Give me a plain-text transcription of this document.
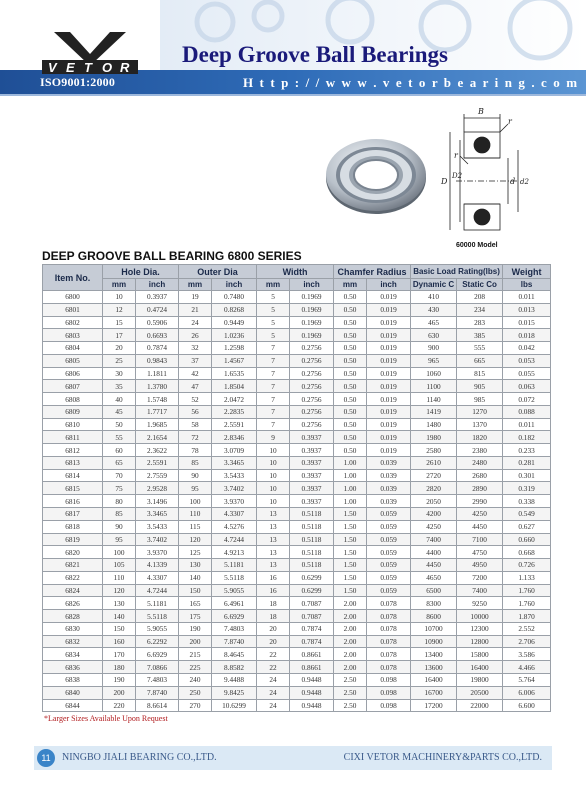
V E T O R
ISO9001:2000
Deep Groove Ball Bearings
H t t p : / / w w w . v e t o r b e a r i n g . c o m
B
r
r
D
D2
d d2
60000 Model
DEEP GROOVE BALL BEARING 6800 SERIES
Item No.	Hole Dia.		Outer Dia		Width		Chamfer Radius		Basic Load Rating(lbs)		Weight
	mm	inch	mm	inch	mm	inch	mm	inch	Dynamic C	Static Co	lbs
6800	10	0.3937	19	0.7480	5	0.1969	0.50	0.019	410	208	0.011
6801	12	0.4724	21	0.8268	5	0.1969	0.50	0.019	430	234	0.013
6802	15	0.5906	24	0.9449	5	0.1969	0.50	0.019	465	283	0.015
6803	17	0.6693	26	1.0236	5	0.1969	0.50	0.019	630	385	0.018
6804	20	0.7874	32	1.2598	7	0.2756	0.50	0.019	900	555	0.042
6805	25	0.9843	37	1.4567	7	0.2756	0.50	0.019	965	665	0.053
6806	30	1.1811	42	1.6535	7	0.2756	0.50	0.019	1060	815	0.055
6807	35	1.3780	47	1.8504	7	0.2756	0.50	0.019	1100	905	0.063
6808	40	1.5748	52	2.0472	7	0.2756	0.50	0.019	1140	985	0.072
6809	45	1.7717	56	2.2835	7	0.2756	0.50	0.019	1419	1270	0.088
6810	50	1.9685	58	2.5591	7	0.2756	0.50	0.019	1480	1370	0.011
6811	55	2.1654	72	2.8346	9	0.3937	0.50	0.019	1980	1820	0.182
6812	60	2.3622	78	3.0709	10	0.3937	0.50	0.019	2580	2380	0.233
6813	65	2.5591	85	3.3465	10	0.3937	1.00	0.039	2610	2480	0.281
6814	70	2.7559	90	3.5433	10	0.3937	1.00	0.039	2720	2680	0.301
6815	75	2.9528	95	3.7402	10	0.3937	1.00	0.039	2820	2890	0.319
6816	80	3.1496	100	3.9370	10	0.3937	1.00	0.039	2050	2990	0.338
6817	85	3.3465	110	4.3307	13	0.5118	1.50	0.059	4200	4250	0.549
6818	90	3.5433	115	4.5276	13	0.5118	1.50	0.059	4250	4450	0.627
6819	95	3.7402	120	4.7244	13	0.5118	1.50	0.059	7400	7100	0.660
6820	100	3.9370	125	4.9213	13	0.5118	1.50	0.059	4400	4750	0.668
6821	105	4.1339	130	5.1181	13	0.5118	1.50	0.059	4450	4950	0.726
6822	110	4.3307	140	5.5118	16	0.6299	1.50	0.059	4650	7200	1.133
6824	120	4.7244	150	5.9055	16	0.6299	1.50	0.059	6500	7400	1.760
6826	130	5.1181	165	6.4961	18	0.7087	2.00	0.078	8300	9250	1.760
6828	140	5.5118	175	6.6929	18	0.7087	2.00	0.078	8600	10000	1.870
6830	150	5.9055	190	7.4803	20	0.7874	2.00	0.078	10700	12300	2.552
6832	160	6.2292	200	7.8740	20	0.7874	2.00	0.078	10900	12800	2.706
6834	170	6.6929	215	8.4645	22	0.8661	2.00	0.078	13400	15800	3.586
6836	180	7.0866	225	8.8582	22	0.8661	2.00	0.078	13600	16400	4.466
6838	190	7.4803	240	9.4488	24	0.9448	2.50	0.098	16400	19800	5.764
6840	200	7.8740	250	9.8425	24	0.9448	2.50	0.098	16700	20500	6.006
6844	220	8.6614	270	10.6299	24	0.9448	2.50	0.098	17200	22000	6.600
*Larger Sizes Available Upon Request
11	NINGBO JIALI BEARING CO.,LTD.	CIXI VETOR MACHINERY&PARTS CO.,LTD.
